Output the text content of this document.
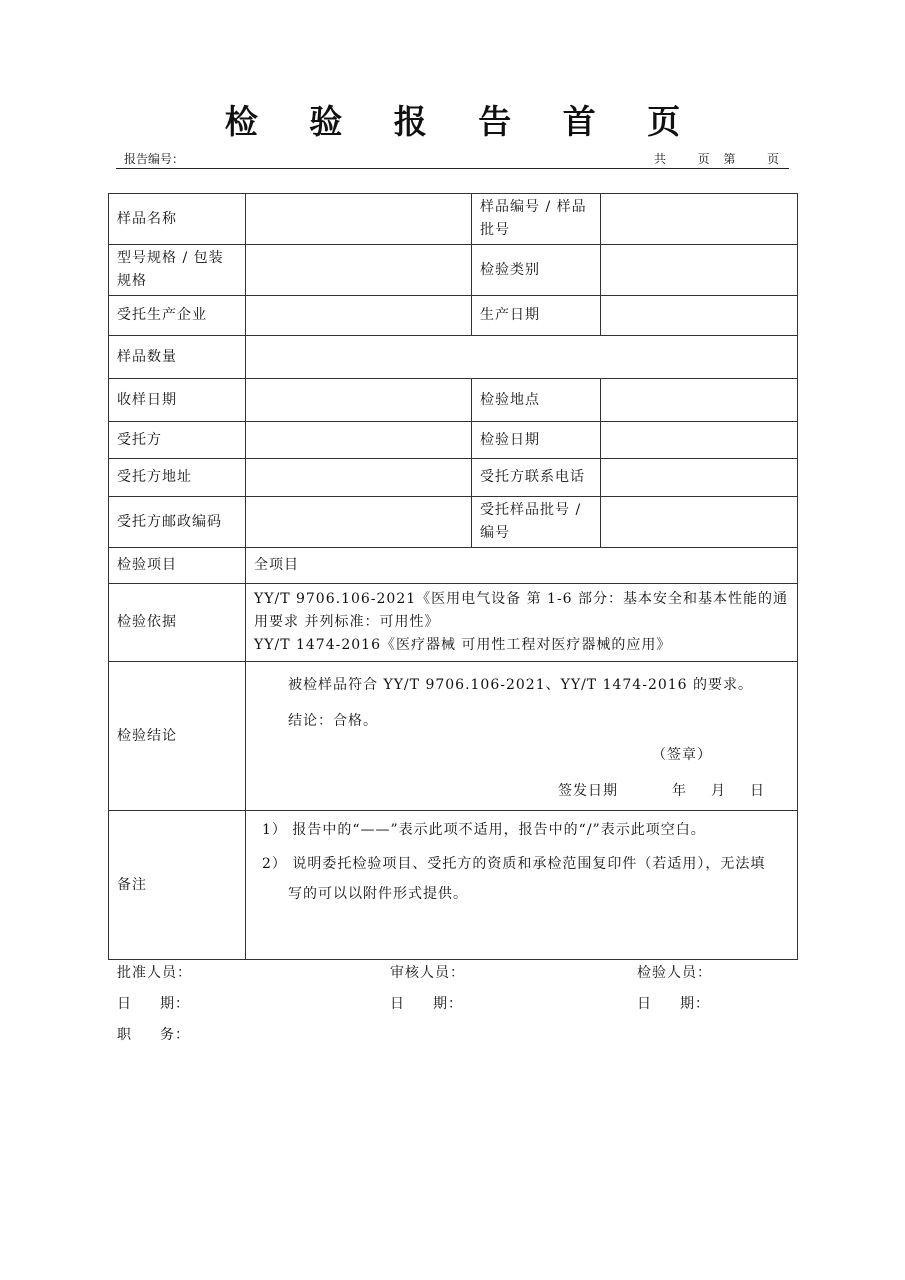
检 验 报 告 首 页
报告编号：	共	页 第	页
样品名称		样品编号 / 样品批号	
型号规格 / 包装规格		检验类别	
受托生产企业		生产日期	
样品数量			
收样日期		检验地点	
受托方		检验日期	
受托方地址		受托方联系电话	
受托方邮政编码		受托样品批号 / 编号	
检验项目	全项目		
检验依据	YY/T 9706.106-2021《医用电气设备 第 1-6 部分：基本安全和基本性能的通用要求 并列标准：可用性》
YY/T 1474-2016《医疗器械 可用性工程对医疗器械的应用》		

检验结论	被检样品符合 YY/T 9706.106-2021、YY/T 1474-2016 的要求。
结论：合格。
（签章）
签发日期 年 月 日		

备注	1） 报告中的“——”表示此项不适用，报告中的“/”表示此项空白。
2） 说明委托检验项目、受托方的资质和承检范围复印件（若适用），无法填
写的可以以附件形式提供。		
批准人员：	审核人员：	检验人员：
日 期：	日 期：	日 期：
职 务：
